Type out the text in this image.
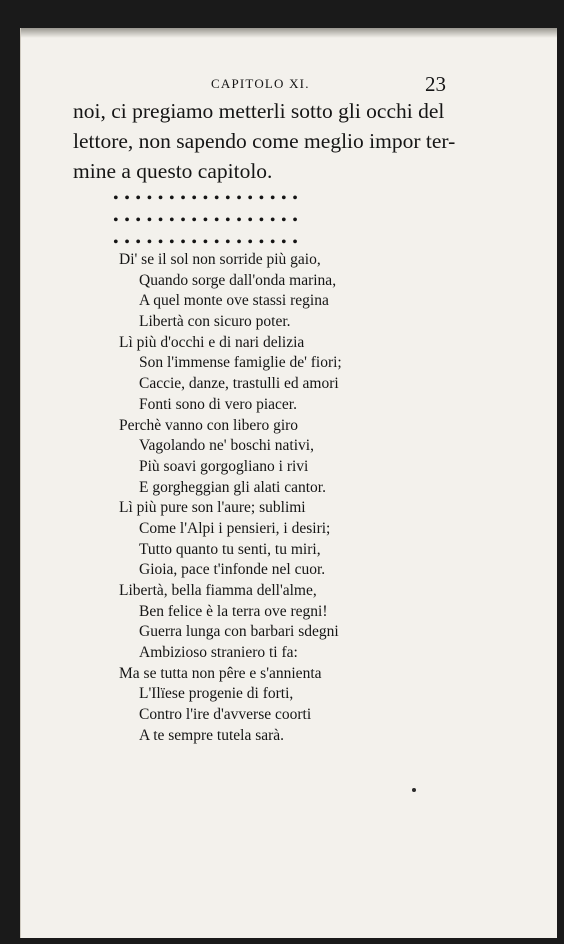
CAPITOLO XI.	23
noi, ci pregiamo metterli sotto gli occhi del
lettore, non sapendo come meglio impor ter-
mine a questo capitolo.
•••••••••••••••••
•••••••••••••••••
•••••••••••••••••
Di' se il sol non sorride più gaio,
Quando sorge dall'onda marina,
A quel monte ove stassi regina
Libertà con sicuro poter.
Lì più d'occhi e di nari delizia
Son l'immense famiglie de' fiori;
Caccie, danze, trastulli ed amori
Fonti sono di vero piacer.
Perchè vanno con libero giro
Vagolando ne' boschi nativi,
Più soavi gorgogliano i rivi
E gorgheggian gli alati cantor.
Lì più pure son l'aure; sublimi
Come l'Alpi i pensieri, i desiri;
Tutto quanto tu senti, tu miri,
Gioia, pace t'infonde nel cuor.
Libertà, bella fiamma dell'alme,
Ben felice è la terra ove regni!
Guerra lunga con barbari sdegni
Ambizioso straniero ti fa:
Ma se tutta non pêre e s'annienta
L'Ilïese progenie di forti,
Contro l'ire d'avverse coorti
A te sempre tutela sarà.
